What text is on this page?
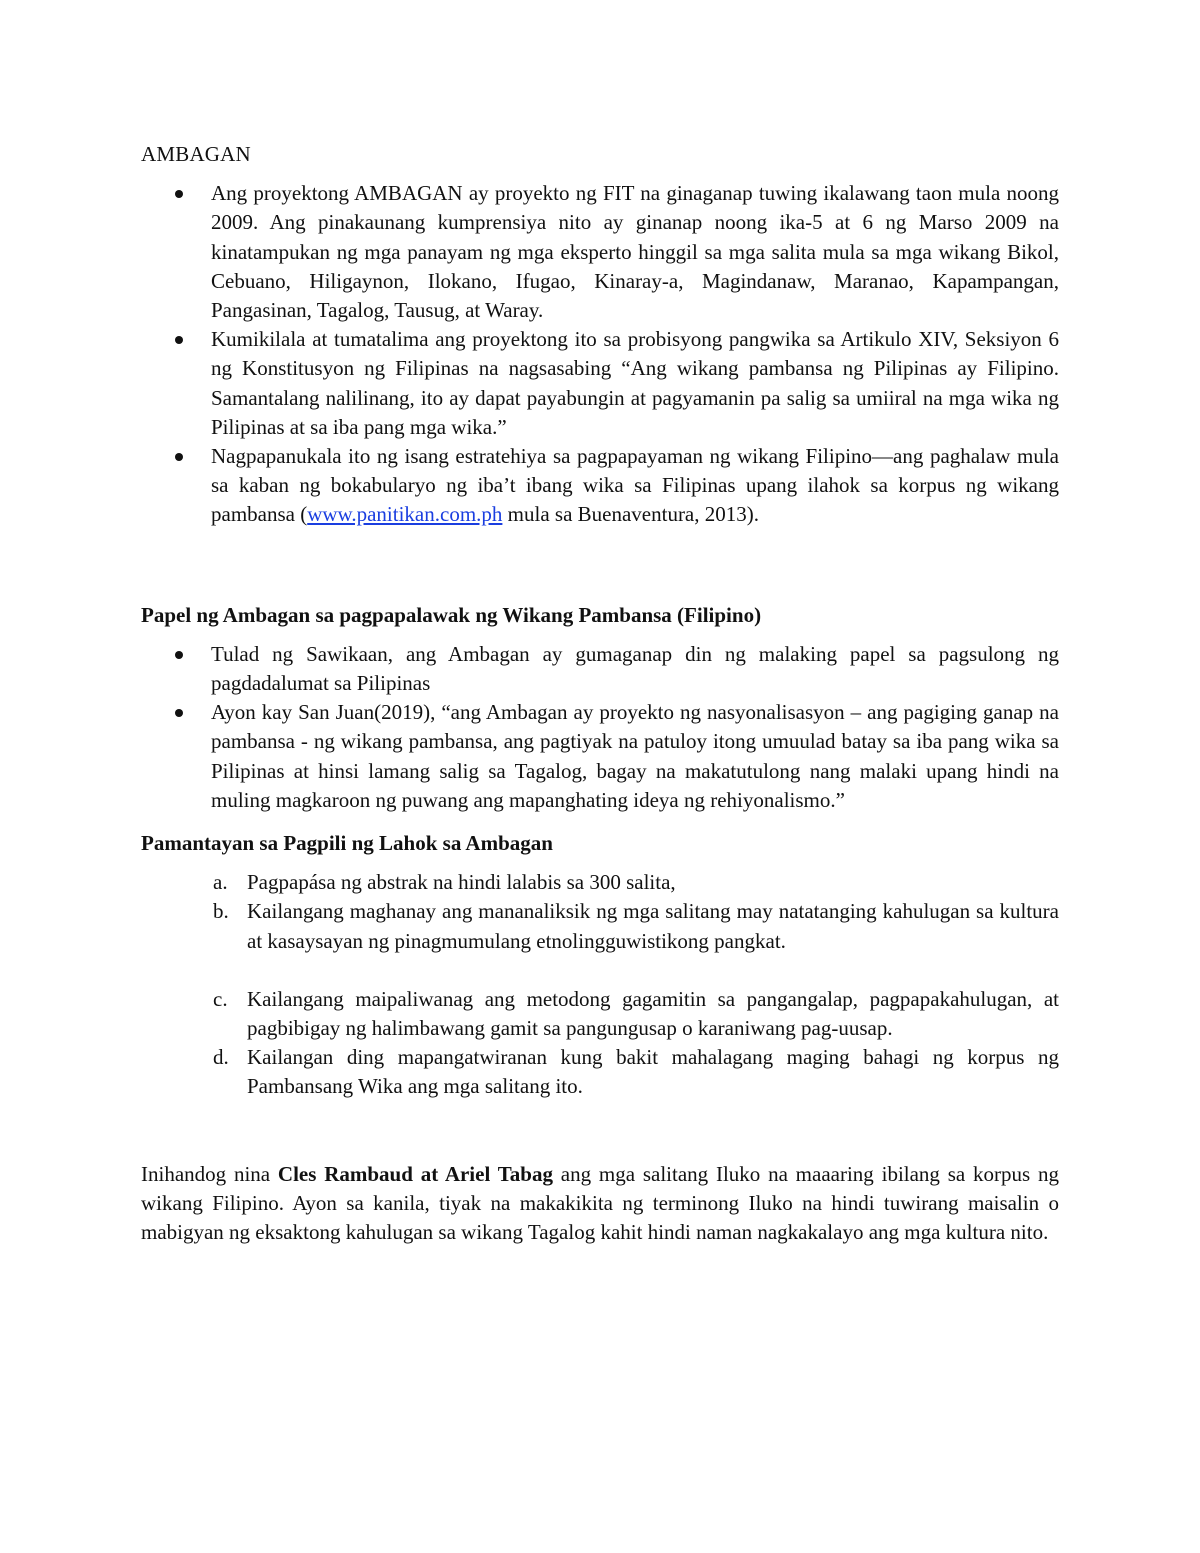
AMBAGAN

Ang proyektong AMBAGAN ay proyekto ng FIT na ginaganap tuwing ikalawang taon mula noong 2009. Ang pinakaunang kumprensiya nito ay ginanap noong ika-5 at 6 ng Marso 2009 na kinatampukan ng mga panayam ng mga eksperto hinggil sa mga salita mula sa mga wikang Bikol, Cebuano, Hiligaynon, Ilokano, Ifugao, Kinaray-a, Magindanaw, Maranao, Kapampangan, Pangasinan, Tagalog, Tausug, at Waray.
Kumikilala at tumatalima ang proyektong ito sa probisyong pangwika sa Artikulo XIV, Seksiyon 6 ng Konstitusyon ng Filipinas na nagsasabing “Ang wikang pambansa ng Pilipinas ay Filipino. Samantalang nalilinang, ito ay dapat payabungin at pagyamanin pa salig sa umiiral na mga wika ng Pilipinas at sa iba pang mga wika.”
Nagpapanukala ito ng isang estratehiya sa pagpapayaman ng wikang Filipino—ang paghalaw mula sa kaban ng bokabularyo ng iba’t ibang wika sa Filipinas upang ilahok sa korpus ng wikang pambansa (www.panitikan.com.ph mula sa Buenaventura, 2013).

Papel ng Ambagan sa pagpapalawak ng Wikang Pambansa (Filipino)

Tulad ng Sawikaan, ang Ambagan ay gumaganap din ng malaking papel sa pagsulong ng pagdadalumat sa Pilipinas
Ayon kay San Juan(2019), “ang Ambagan ay proyekto ng nasyonalisasyon – ang pagiging ganap na pambansa - ng wikang pambansa, ang pagtiyak na patuloy itong umuulad batay sa iba pang wika sa Pilipinas at hinsi lamang salig sa Tagalog, bagay na makatutulong nang malaki upang hindi na muling magkaroon ng puwang ang mapanghating ideya ng rehiyonalismo.”

Pamantayan sa Pagpili ng Lahok sa Ambagan

a. Pagpapása ng abstrak na hindi lalabis sa 300 salita,
b. Kailangang maghanay ang mananaliksik ng mga salitang may natatanging kahulugan sa kultura at kasaysayan ng pinagmumulang etnolingguwistikong pangkat.
c. Kailangang maipaliwanag ang metodong gagamitin sa pangangalap, pagpapakahulugan, at pagbibigay ng halimbawang gamit sa pangungusap o karaniwang pag-uusap.
d. Kailangan ding mapangatwiranan kung bakit mahalagang maging bahagi ng korpus ng Pambansang Wika ang mga salitang ito.

Inihandog nina Cles Rambaud at Ariel Tabag ang mga salitang Iluko na maaaring ibilang sa korpus ng wikang Filipino. Ayon sa kanila, tiyak na makakikita ng terminong Iluko na hindi tuwirang maisalin o mabigyan ng eksaktong kahulugan sa wikang Tagalog kahit hindi naman nagkakalayo ang mga kultura nito.
